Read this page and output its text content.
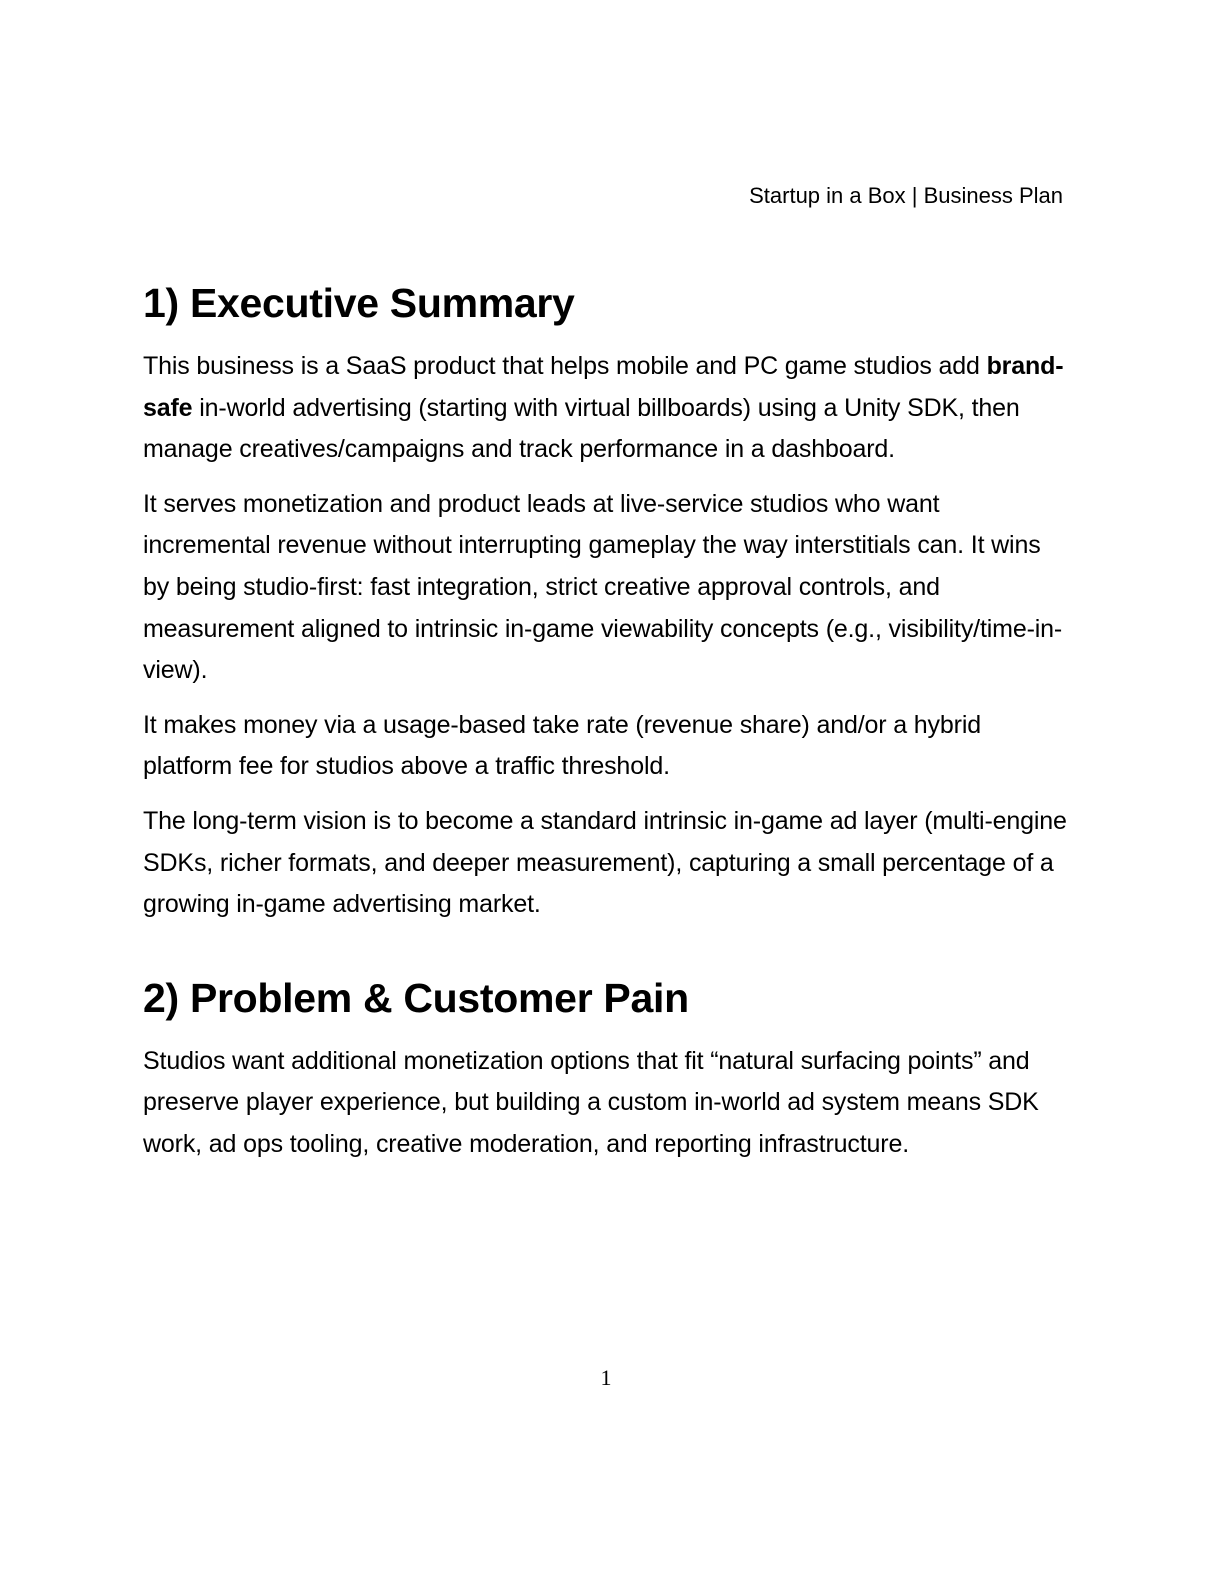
Startup in a Box | Business Plan
1) Executive Summary

This business is a SaaS product that helps mobile and PC game studios add brand-safe in-world advertising (starting with virtual billboards) using a Unity SDK, then manage creatives/campaigns and track performance in a dashboard.

It serves monetization and product leads at live-service studios who want incremental revenue without interrupting gameplay the way interstitials can. It wins by being studio-first: fast integration, strict creative approval controls, and measurement aligned to intrinsic in-game viewability concepts (e.g., visibility/time-in-view).

It makes money via a usage-based take rate (revenue share) and/or a hybrid platform fee for studios above a traffic threshold.

The long-term vision is to become a standard intrinsic in-game ad layer (multi-engine SDKs, richer formats, and deeper measurement), capturing a small percentage of a growing in-game advertising market.

2) Problem & Customer Pain

Studios want additional monetization options that fit “natural surfacing points” and preserve player experience, but building a custom in-world ad system means SDK work, ad ops tooling, creative moderation, and reporting infrastructure.

1
